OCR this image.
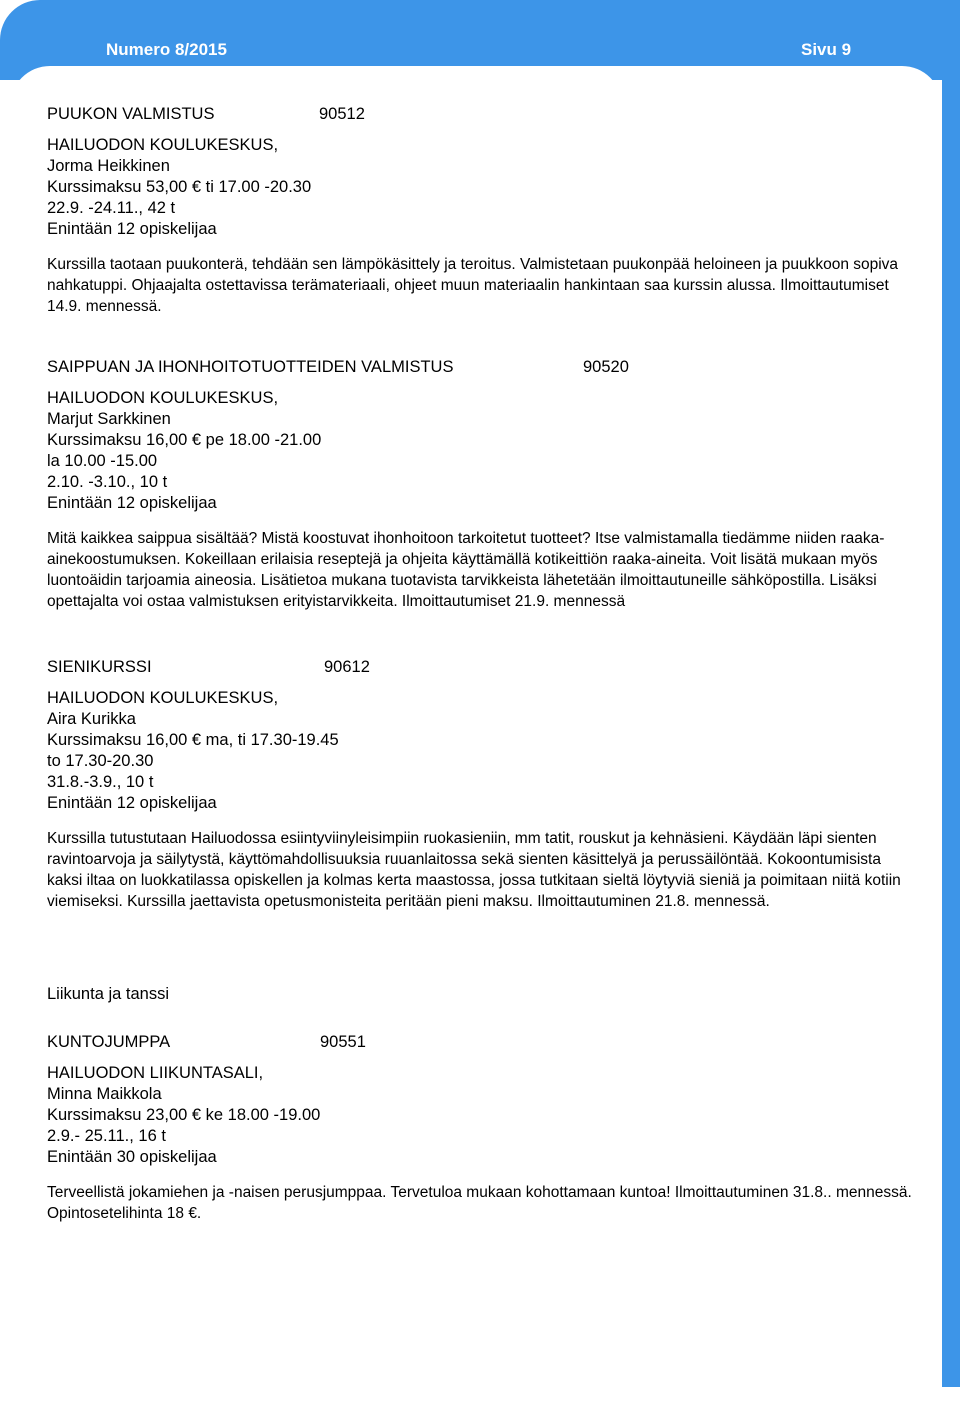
Numero 8/2015	Sivu 9
PUUKON VALMISTUS	90512
HAILUODON KOULUKESKUS,
Jorma Heikkinen
Kurssimaksu 53,00 € ti 17.00 -20.30
22.9. -24.11., 42 t
Enintään 12 opiskelijaa
Kurssilla taotaan puukonterä, tehdään sen lämpökäsittely ja teroitus. Valmistetaan puukonpää heloineen ja puukkoon sopiva nahkatuppi. Ohjaajalta ostettavissa terämateriaali, ohjeet muun materiaalin hankintaan saa kurssin alussa. Ilmoittautumiset 14.9. mennessä.
SAIPPUAN JA IHONHOITOTUOTTEIDEN VALMISTUS	90520
HAILUODON KOULUKESKUS,
Marjut Sarkkinen
Kurssimaksu 16,00 € pe 18.00 -21.00
la 10.00 -15.00
2.10. -3.10., 10 t
Enintään 12 opiskelijaa
Mitä kaikkea saippua sisältää? Mistä koostuvat ihonhoitoon tarkoitetut tuotteet? Itse valmistamalla tiedämme niiden raaka-ainekoostumuksen. Kokeillaan erilaisia reseptejä ja ohjeita käyttämällä kotikeittiön raaka-aineita. Voit lisätä mukaan myös luontoäidin tarjoamia aineosia. Lisätietoa mukana tuotavista tarvikkeista lähetetään ilmoittautuneille sähköpostilla. Lisäksi opettajalta voi ostaa valmistuksen erityistarvikkeita. Ilmoittautumiset 21.9. mennessä
SIENIKURSSI	90612
HAILUODON KOULUKESKUS,
Aira Kurikka
Kurssimaksu 16,00 € ma, ti 17.30-19.45
to 17.30-20.30
31.8.-3.9., 10 t
Enintään 12 opiskelijaa
Kurssilla tutustutaan Hailuodossa esiintyviinyleisimpiin ruokasieniin, mm tatit, rouskut ja kehnäsieni. Käydään läpi sienten ravintoarvoja ja säilytystä, käyttömahdollisuuksia ruuanlaitossa sekä sienten käsittelyä ja perussäilöntää. Kokoontumisista kaksi iltaa on luokkatilassa opiskellen ja kolmas kerta maastossa, jossa tutkitaan sieltä löytyviä sieniä ja poimitaan niitä kotiin viemiseksi. Kurssilla jaettavista opetusmonisteita peritään pieni maksu. Ilmoittautuminen 21.8. mennessä.
Liikunta ja tanssi
KUNTOJUMPPA	90551
HAILUODON LIIKUNTASALI,
Minna Maikkola
Kurssimaksu 23,00 € ke 18.00 -19.00
2.9.- 25.11., 16 t
Enintään 30 opiskelijaa
Terveellistä jokamiehen ja -naisen perusjumppaa. Tervetuloa mukaan kohottamaan kuntoa! Ilmoittautuminen 31.8.. mennessä. Opintosetelihinta 18 €.
